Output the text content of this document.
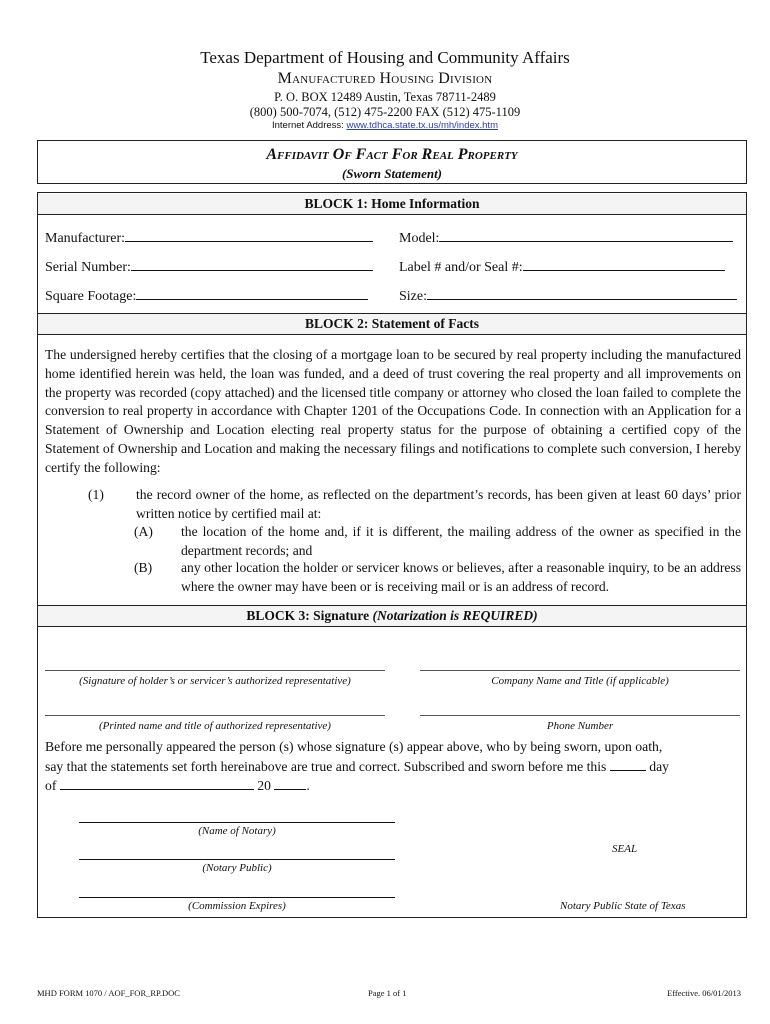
Texas Department of Housing and Community Affairs
Manufactured Housing Division
P. O. BOX 12489 Austin, Texas 78711-2489
(800) 500-7074, (512) 475-2200 FAX (512) 475-1109
Internet Address: www.tdhca.state.tx.us/mh/index.htm
Affidavit Of Fact For Real Property
(Sworn Statement)
BLOCK 1: Home Information
Manufacturer:	Model:
Serial Number:	Label # and/or Seal #:
Square Footage:	Size:
BLOCK 2: Statement of Facts
The undersigned hereby certifies that the closing of a mortgage loan to be secured by real property including the manufactured home identified herein was held, the loan was funded, and a deed of trust covering the real property and all improvements on the property was recorded (copy attached) and the licensed title company or attorney who closed the loan failed to complete the conversion to real property in accordance with Chapter 1201 of the Occupations Code. In connection with an Application for a Statement of Ownership and Location electing real property status for the purpose of obtaining a certified copy of the Statement of Ownership and Location and making the necessary filings and notifications to complete such conversion, I hereby certify the following:
(1) the record owner of the home, as reflected on the department’s records, has been given at least 60 days’ prior written notice by certified mail at:
(A) the location of the home and, if it is different, the mailing address of the owner as specified in the department records; and
(B) any other location the holder or servicer knows or believes, after a reasonable inquiry, to be an address where the owner may have been or is receiving mail or is an address of record.
BLOCK 3: Signature (Notarization is REQUIRED)
(Signature of holder’s or servicer’s authorized representative)	Company Name and Title (if applicable)
(Printed name and title of authorized representative)	Phone Number
Before me personally appeared the person (s) whose signature (s) appear above, who by being sworn, upon oath,
say that the statements set forth hereinabove are true and correct. Subscribed and sworn before me this	day
of	20	.
(Name of Notary)
SEAL
(Notary Public)
(Commission Expires)	Notary Public State of Texas
MHD FORM 1070 / AOF_FOR_RP.DOC	Page 1 of 1	Effective. 06/01/2013
